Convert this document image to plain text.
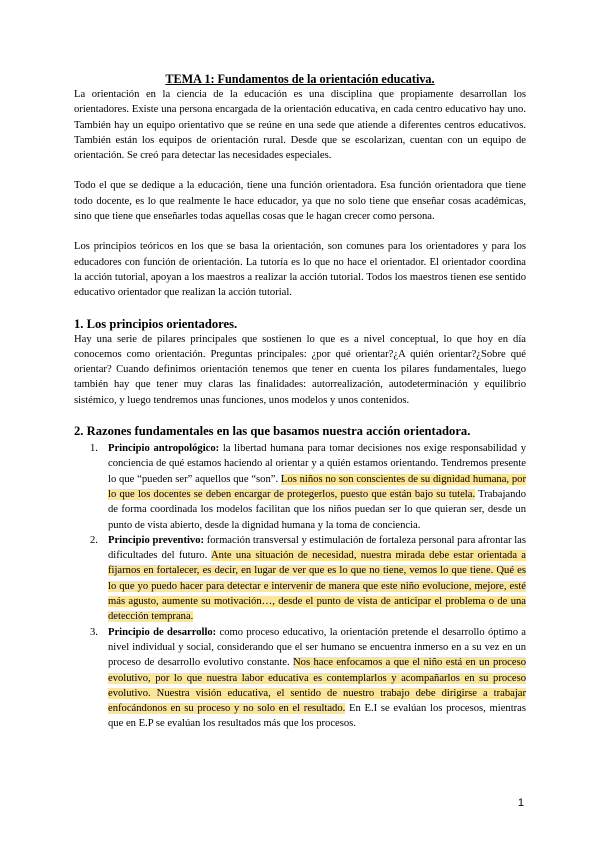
TEMA 1: Fundamentos de la orientación educativa.

La orientación en la ciencia de la educación es una disciplina que propiamente desarrollan los orientadores. Existe una persona encargada de la orientación educativa, en cada centro educativo hay uno. También hay un equipo orientativo que se reúne en una sede que atiende a diferentes centros educativos. También están los equipos de orientación rural. Desde que se escolarizan, cuentan con un equipo de orientación. Se creó para detectar las necesidades especiales.

Todo el que se dedique a la educación, tiene una función orientadora. Esa función orientadora que tiene todo docente, es lo que realmente le hace educador, ya que no solo tiene que enseñar cosas académicas, sino que tiene que enseñarles todas aquellas cosas que le hagan crecer como persona.

Los principios teóricos en los que se basa la orientación, son comunes para los orientadores y para los educadores con función de orientación. La tutoría es lo que no hace el orientador. El orientador coordina la acción tutorial, apoyan a los maestros a realizar la acción tutorial. Todos los maestros tienen ese sentido educativo orientador que realizan la acción tutorial.

1. Los principios orientadores.

Hay una serie de pilares principales que sostienen lo que es a nivel conceptual, lo que hoy en día conocemos como orientación. Preguntas principales: ¿por qué orientar?¿A quién orientar?¿Sobre qué orientar? Cuando definimos orientación tenemos que tener en cuenta los pilares fundamentales, luego también hay que tener muy claras las finalidades: autorrealización, autodeterminación y equilibrio sistémico, y luego tendremos unas funciones, unos modelos y unos contenidos.

2. Razones fundamentales en las que basamos nuestra acción orientadora.
1. Principio antropológico: la libertad humana para tomar decisiones nos exige responsabilidad y conciencia de qué estamos haciendo al orientar y a quién estamos orientando. Tendremos presente lo que “pueden ser” aquellos que “son”. Los niños no son conscientes de su dignidad humana, por lo que los docentes se deben encargar de protegerlos, puesto que están bajo su tutela. Trabajando de forma coordinada los modelos facilitan que los niños puedan ser lo que quieran ser, desde un punto de vista abierto, desde la dignidad humana y la toma de conciencia.
2. Principio preventivo: formación transversal y estimulación de fortaleza personal para afrontar las dificultades del futuro. Ante una situación de necesidad, nuestra mirada debe estar orientada a fijarnos en fortalecer, es decir, en lugar de ver que es lo que no tiene, vemos lo que tiene. Qué es lo que yo puedo hacer para detectar e intervenir de manera que este niño evolucione, mejore, esté más agusto, aumente su motivación…, desde el punto de vista de anticipar el problema o de una detección temprana.
3. Principio de desarrollo: como proceso educativo, la orientación pretende el desarrollo óptimo a nivel individual y social, considerando que el ser humano se encuentra inmerso en a su vez en un proceso de desarrollo evolutivo constante. Nos hace enfocamos a que el niño está en un proceso evolutivo, por lo que nuestra labor educativa es contemplarlos y acompañarlos en su proceso evolutivo. Nuestra visión educativa, el sentido de nuestro trabajo debe dirigirse a trabajar enfocándonos en su proceso y no solo en el resultado. En E.I se evalúan los procesos, mientras que en E.P se evalúan los resultados más que los procesos.
1
